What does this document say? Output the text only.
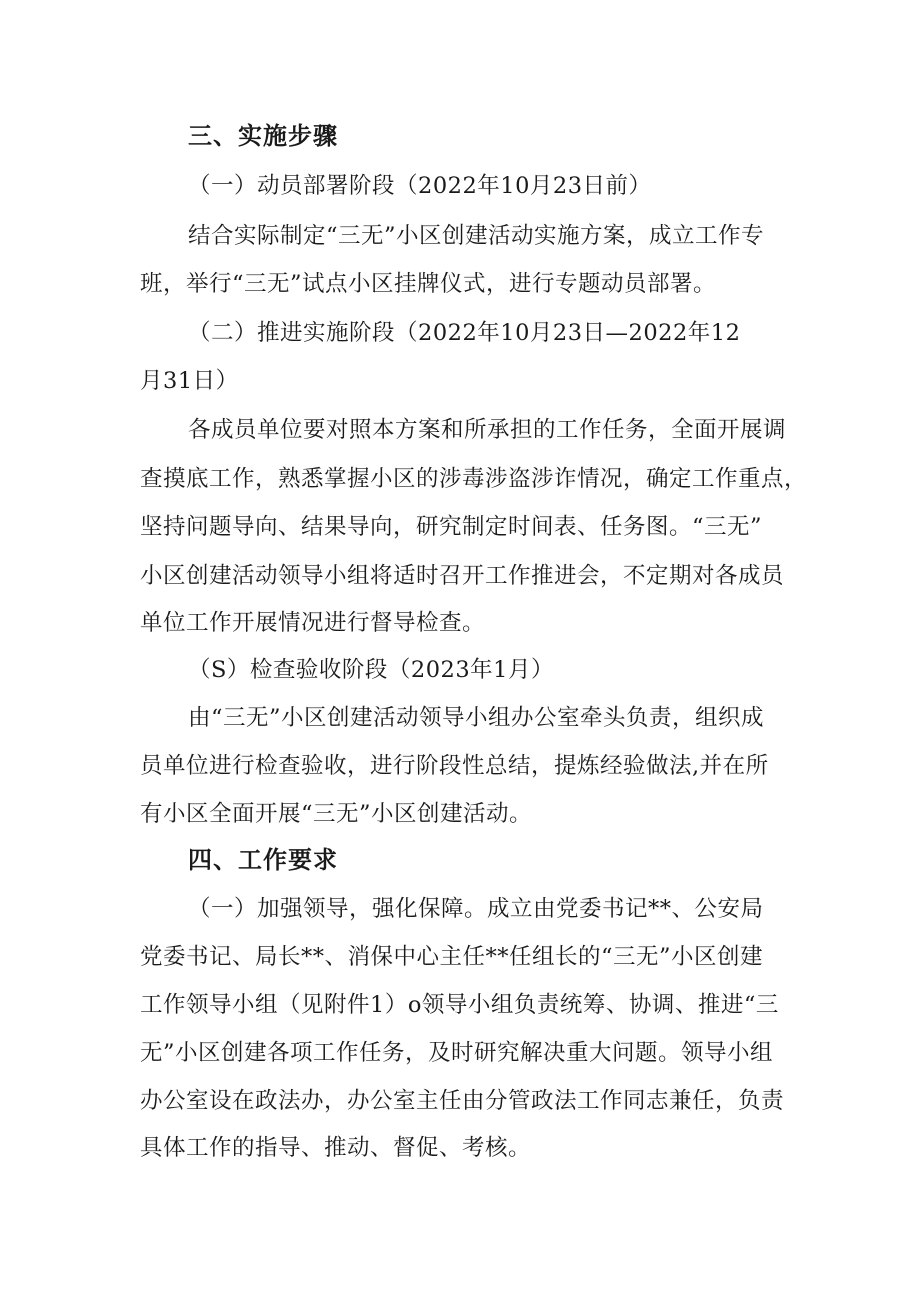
三、实施步骤
（一）动员部署阶段（2022年10月23日前）
结合实际制定“三无”小区创建活动实施方案，成立工作专
班，举行“三无”试点小区挂牌仪式，进行专题动员部署。
（二）推进实施阶段（2022年10月23日—2022年12
月31日）
各成员单位要对照本方案和所承担的工作任务，全面开展调
查摸底工作，熟悉掌握小区的涉毒涉盗涉诈情况，确定工作重点，
坚持问题导向、结果导向，研究制定时间表、任务图。“三无”
小区创建活动领导小组将适时召开工作推进会，不定期对各成员
单位工作开展情况进行督导检查。
（S）检查验收阶段（2023年1月）
由“三无”小区创建活动领导小组办公室牵头负责，组织成
员单位进行检查验收，进行阶段性总结，提炼经验做法,并在所
有小区全面开展“三无”小区创建活动。
四、工作要求
（一）加强领导，强化保障。成立由党委书记**、公安局
党委书记、局长**、消保中心主任**任组长的“三无”小区创建
工作领导小组（见附件1）o领导小组负责统筹、协调、推进“三
无”小区创建各项工作任务，及时研究解决重大问题。领导小组
办公室设在政法办，办公室主任由分管政法工作同志兼任，负责
具体工作的指导、推动、督促、考核。
